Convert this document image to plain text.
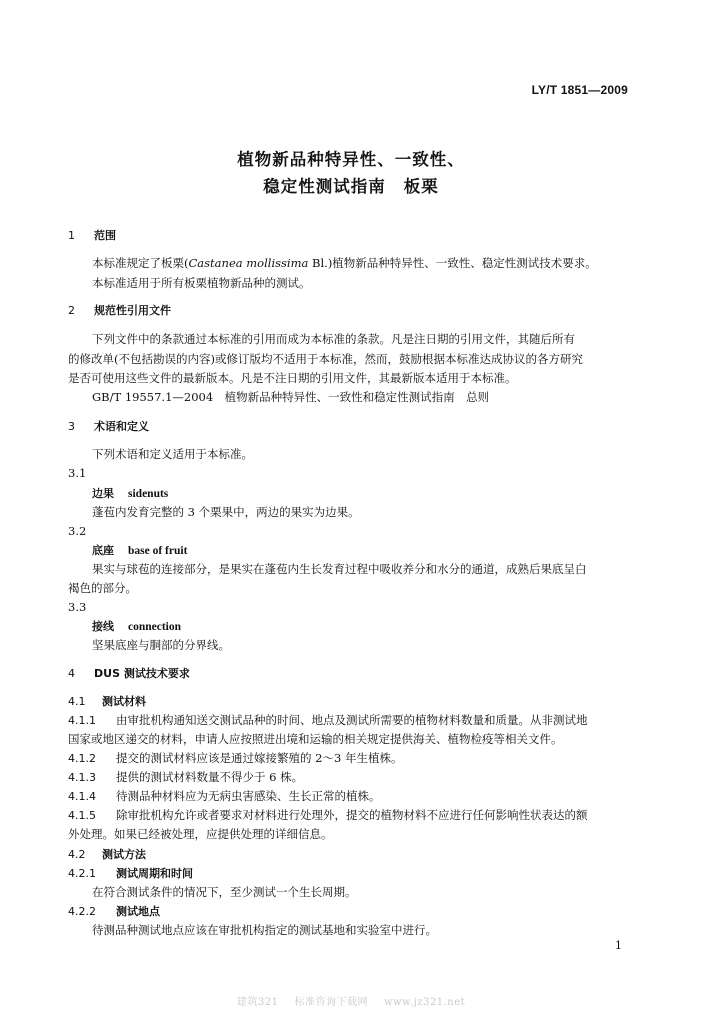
LY/T 1851—2009
植物新品种特异性、一致性、
稳定性测试指南 板栗
1 范围
本标准规定了板栗(Castanea mollissima Bl.)植物新品种特异性、一致性、稳定性测试技术要求。
本标准适用于所有板栗植物新品种的测试。
2 规范性引用文件
下列文件中的条款通过本标准的引用而成为本标准的条款。凡是注日期的引用文件，其随后所有
的修改单(不包括勘误的内容)或修订版均不适用于本标准，然而，鼓励根据本标准达成协议的各方研究
是否可使用这些文件的最新版本。凡是不注日期的引用文件，其最新版本适用于本标准。
GB/T 19557.1—2004　植物新品种特异性、一致性和稳定性测试指南　总则
3 术语和定义
下列术语和定义适用于本标准。
3.1
边果 sidenuts
蓬苞内发育完整的 3 个栗果中，两边的果实为边果。
3.2
底座 base of fruit
果实与球苞的连接部分，是果实在蓬苞内生长发育过程中吸收养分和水分的通道，成熟后果底呈白
褐色的部分。
3.3
接线 connection
坚果底座与胴部的分界线。
4 DUS 测试技术要求
4.1 测试材料
4.1.1 由审批机构通知送交测试品种的时间、地点及测试所需要的植物材料数量和质量。从非测试地
国家或地区递交的材料，申请人应按照进出境和运输的相关规定提供海关、植物检疫等相关文件。
4.1.2 提交的测试材料应该是通过嫁接繁殖的 2～3 年生植株。
4.1.3 提供的测试材料数量不得少于 6 株。
4.1.4 待测品种材料应为无病虫害感染、生长正常的植株。
4.1.5 除审批机构允许或者要求对材料进行处理外，提交的植物材料不应进行任何影响性状表达的额
外处理。如果已经被处理，应提供处理的详细信息。
4.2 测试方法
4.2.1 测试周期和时间
在符合测试条件的情况下，至少测试一个生长周期。
4.2.2 测试地点
待测品种测试地点应该在审批机构指定的测试基地和实验室中进行。
1
建筑321 标准咨询下载网 www.jz321.net
